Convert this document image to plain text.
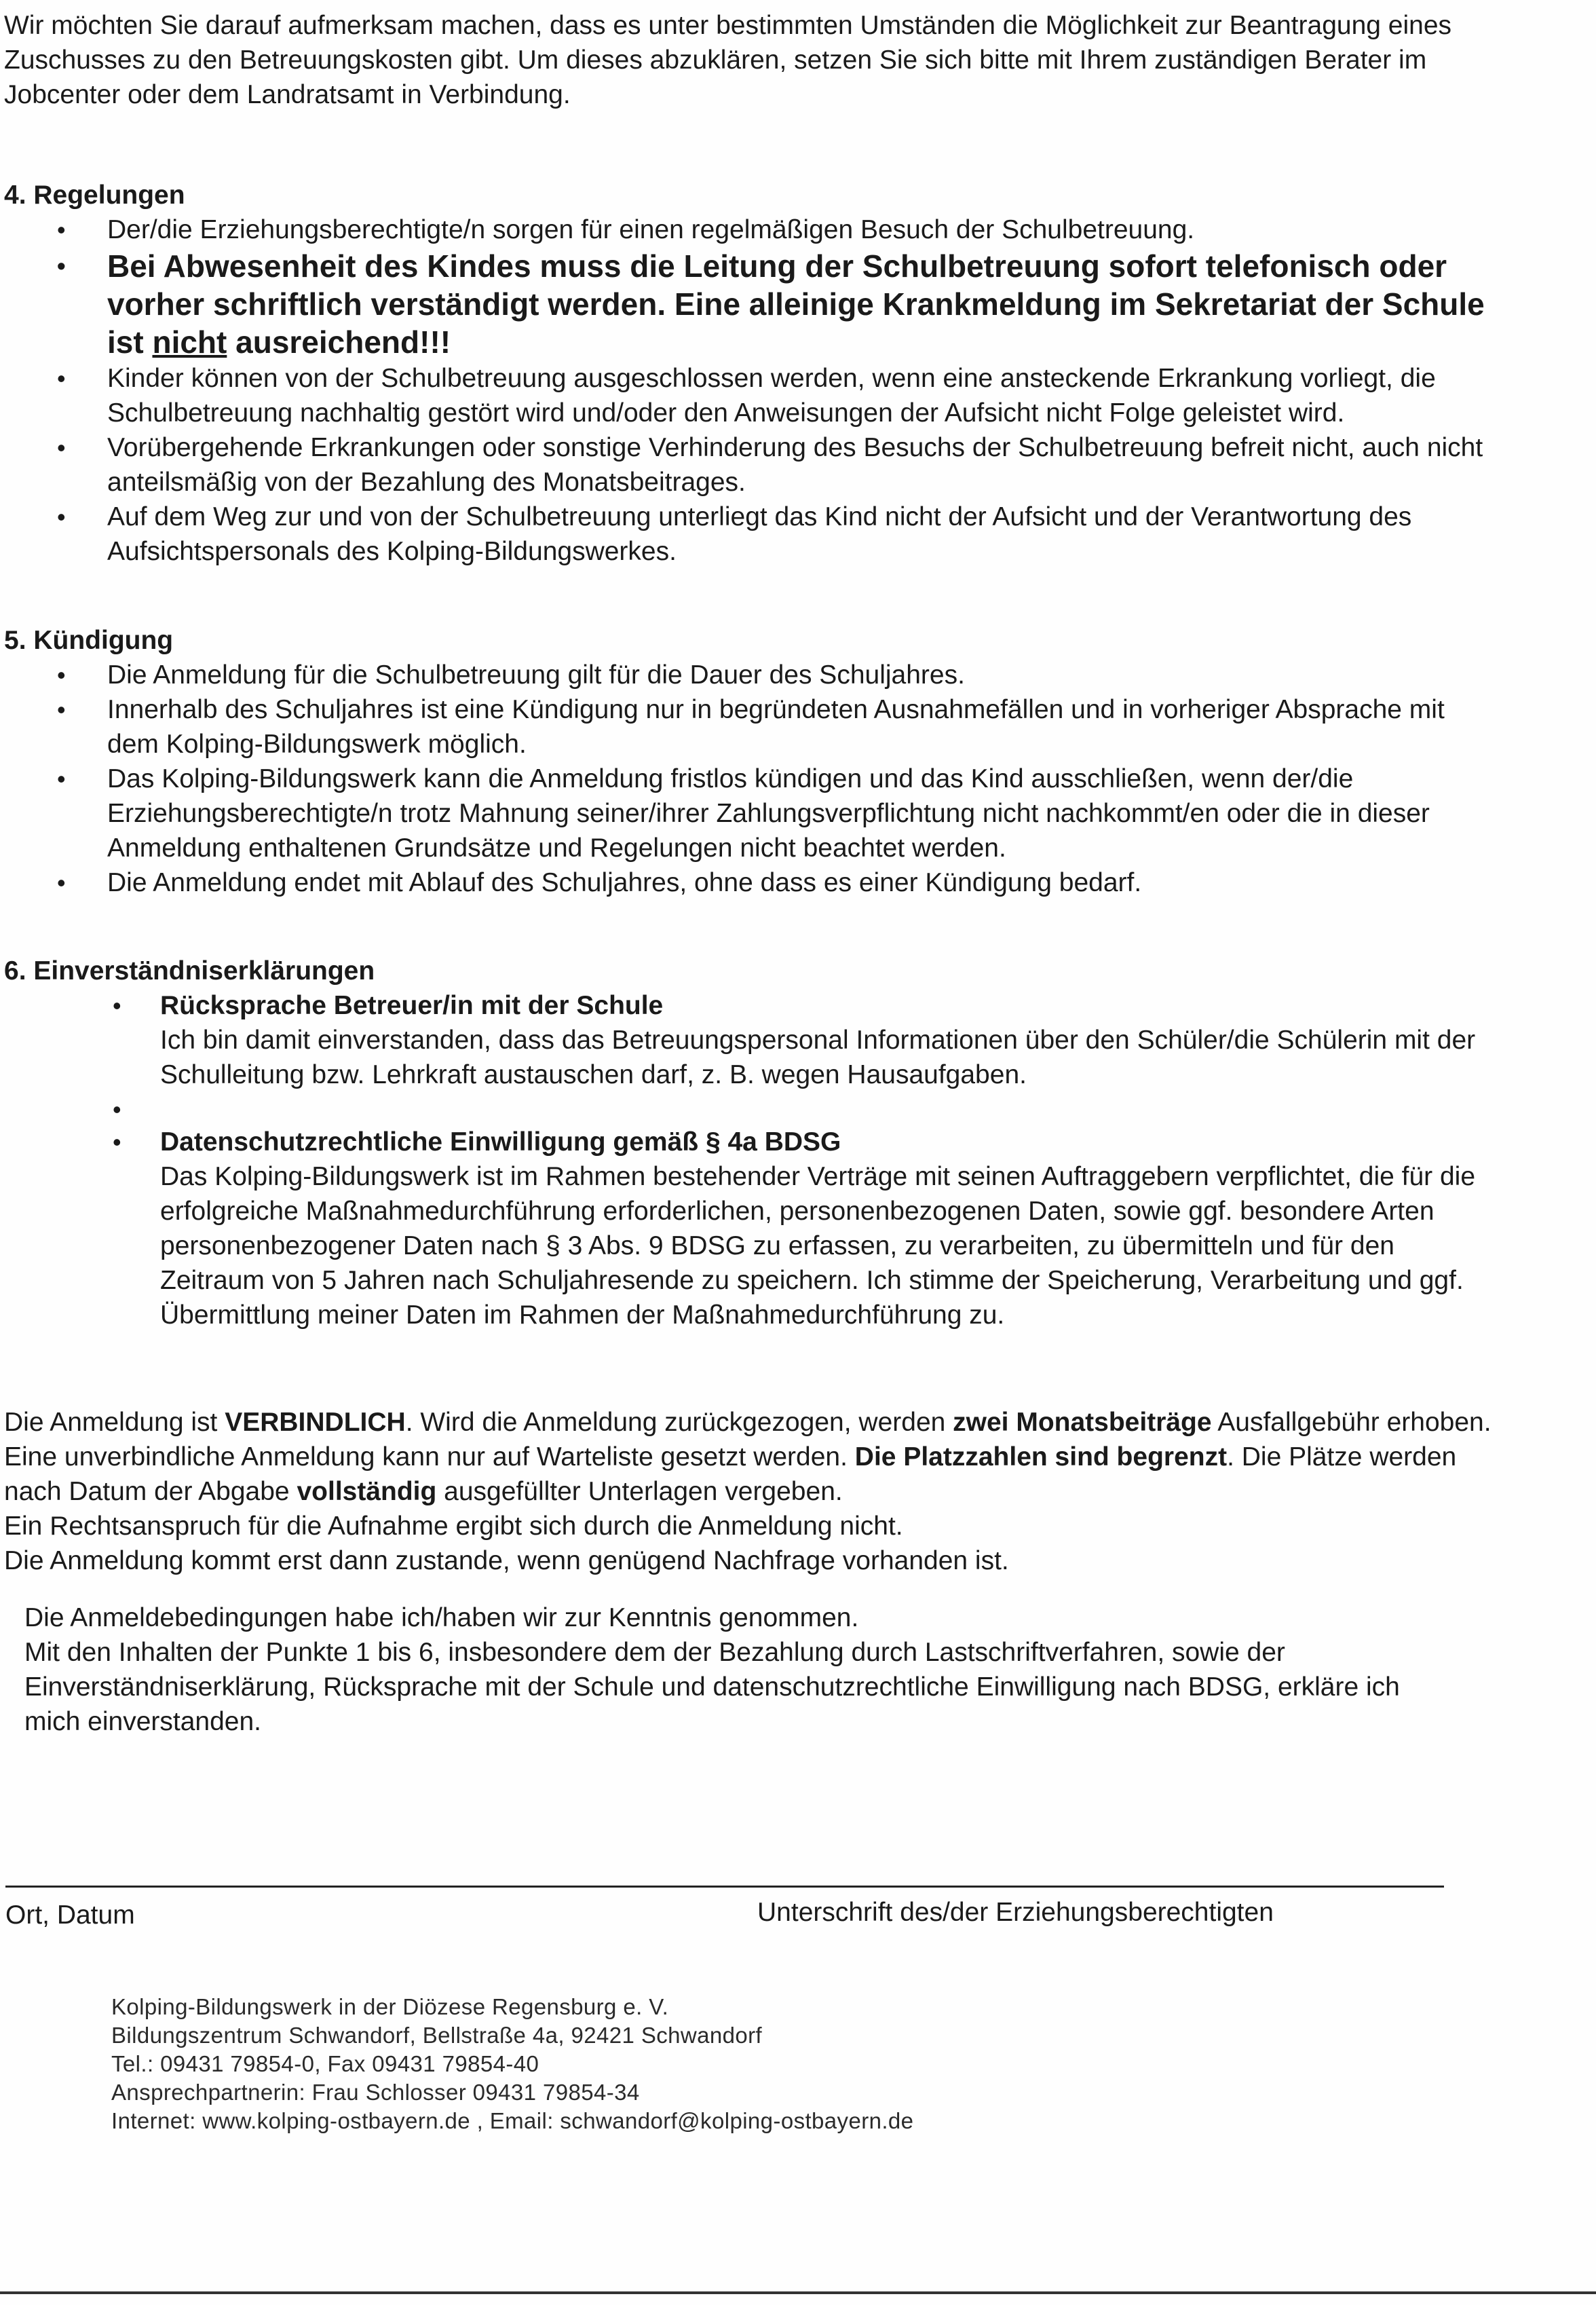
Wir möchten Sie darauf aufmerksam machen, dass es unter bestimmten Umständen die Möglichkeit zur Beantragung eines Zuschusses zu den Betreuungskosten gibt. Um dieses abzuklären, setzen Sie sich bitte mit Ihrem zuständigen Berater im Jobcenter oder dem Landratsamt in Verbindung.

4. Regelungen

• Der/die Erziehungsberechtigte/n sorgen für einen regelmäßigen Besuch der Schulbetreuung.
• Bei Abwesenheit des Kindes muss die Leitung der Schulbetreuung sofort telefonisch oder vorher schriftlich verständigt werden. Eine alleinige Krankmeldung im Sekretariat der Schule ist nicht ausreichend!!!
• Kinder können von der Schulbetreuung ausgeschlossen werden, wenn eine ansteckende Erkrankung vorliegt, die Schulbetreuung nachhaltig gestört wird und/oder den Anweisungen der Aufsicht nicht Folge geleistet wird.
• Vorübergehende Erkrankungen oder sonstige Verhinderung des Besuchs der Schulbetreuung befreit nicht, auch nicht anteilsmäßig von der Bezahlung des Monatsbeitrages.
• Auf dem Weg zur und von der Schulbetreuung unterliegt das Kind nicht der Aufsicht und der Verantwortung des Aufsichtspersonals des Kolping-Bildungswerkes.

5. Kündigung

• Die Anmeldung für die Schulbetreuung gilt für die Dauer des Schuljahres.
• Innerhalb des Schuljahres ist eine Kündigung nur in begründeten Ausnahmefällen und in vorheriger Absprache mit dem Kolping-Bildungswerk möglich.
• Das Kolping-Bildungswerk kann die Anmeldung fristlos kündigen und das Kind ausschließen, wenn der/die Erziehungsberechtigte/n trotz Mahnung seiner/ihrer Zahlungsverpflichtung nicht nachkommt/en oder die in dieser Anmeldung enthaltenen Grundsätze und Regelungen nicht beachtet werden.
• Die Anmeldung endet mit Ablauf des Schuljahres, ohne dass es einer Kündigung bedarf.

6. Einverständniserklärungen

• Rücksprache Betreuer/in mit der Schule
Ich bin damit einverstanden, dass das Betreuungspersonal Informationen über den Schüler/die Schülerin mit der Schulleitung bzw. Lehrkraft austauschen darf, z. B. wegen Hausaufgaben.
•
• Datenschutzrechtliche Einwilligung gemäß § 4a BDSG
Das Kolping-Bildungswerk ist im Rahmen bestehender Verträge mit seinen Auftraggebern verpflichtet, die für die erfolgreiche Maßnahmedurchführung erforderlichen, personenbezogenen Daten, sowie ggf. besondere Arten personenbezogener Daten nach § 3 Abs. 9 BDSG zu erfassen, zu verarbeiten, zu übermitteln und für den Zeitraum von 5 Jahren nach Schuljahresende zu speichern. Ich stimme der Speicherung, Verarbeitung und ggf. Übermittlung meiner Daten im Rahmen der Maßnahmedurchführung zu.

Die Anmeldung ist VERBINDLICH. Wird die Anmeldung zurückgezogen, werden zwei Monatsbeiträge Ausfallgebühr erhoben. Eine unverbindliche Anmeldung kann nur auf Warteliste gesetzt werden. Die Platzzahlen sind begrenzt. Die Plätze werden nach Datum der Abgabe vollständig ausgefüllter Unterlagen vergeben.

Ein Rechtsanspruch für die Aufnahme ergibt sich durch die Anmeldung nicht.

Die Anmeldung kommt erst dann zustande, wenn genügend Nachfrage vorhanden ist.

Die Anmeldebedingungen habe ich/haben wir zur Kenntnis genommen.

Mit den Inhalten der Punkte 1 bis 6, insbesondere dem der Bezahlung durch Lastschriftverfahren, sowie der Einverständniserklärung, Rücksprache mit der Schule und datenschutzrechtliche Einwilligung nach BDSG, erkläre ich mich einverstanden.

Ort, Datum	Unterschrift des/der Erziehungsberechtigten
Kolping-Bildungswerk in der Diözese Regensburg e. V.
Bildungszentrum Schwandorf, Bellstraße 4a, 92421 Schwandorf
Tel.: 09431 79854-0, Fax 09431 79854-40
Ansprechpartnerin: Frau Schlosser 09431 79854-34
Internet: www.kolping-ostbayern.de , Email: schwandorf@kolping-ostbayern.de
